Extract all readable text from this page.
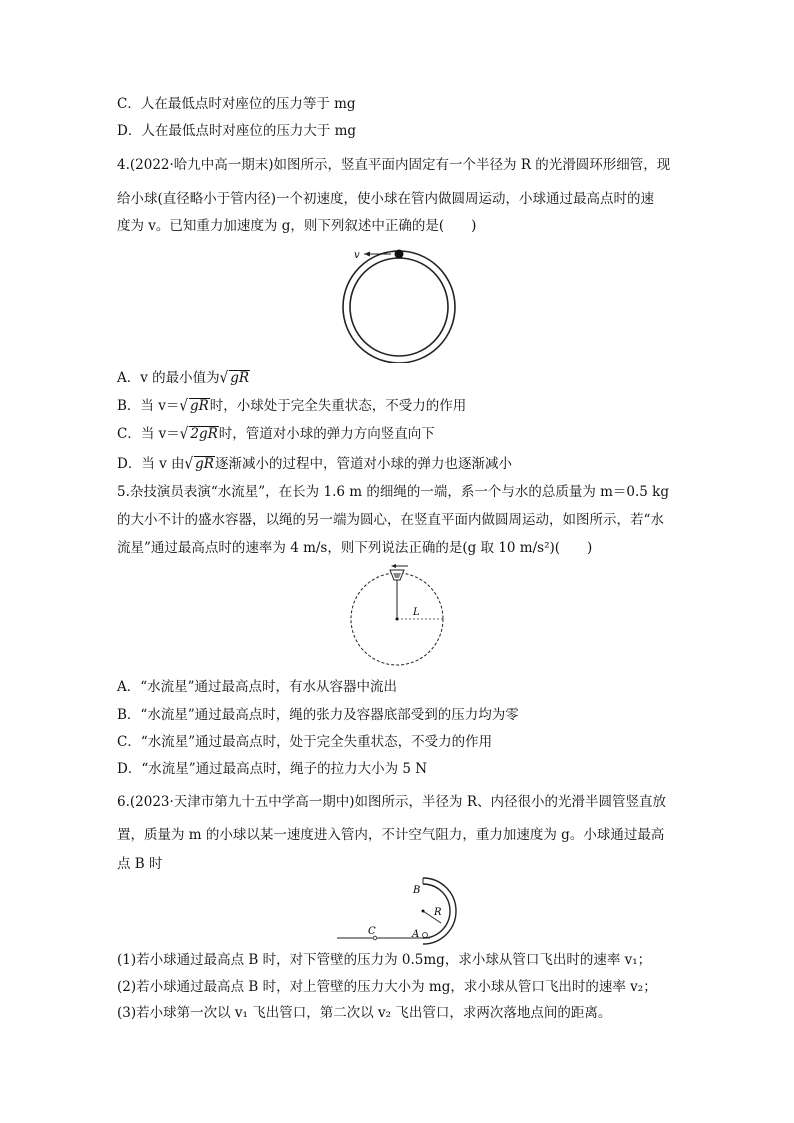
C．人在最低点时对座位的压力等于 mg
D．人在最低点时对座位的压力大于 mg
4.(2022·哈九中高一期末)如图所示，竖直平面内固定有一个半径为 R 的光滑圆环形细管，现
给小球(直径略小于管内径)一个初速度，使小球在管内做圆周运动，小球通过最高点时的速
度为 v。已知重力加速度为 g，则下列叙述中正确的是(　　)
v
A．v 的最小值为√ gR
B．当 v＝√ gR时，小球处于完全失重状态，不受力的作用
C．当 v＝√ 2gR时，管道对小球的弹力方向竖直向下
D．当 v 由√ gR逐渐减小的过程中，管道对小球的弹力也逐渐减小
5.杂技演员表演“水流星”，在长为 1.6 m 的细绳的一端，系一个与水的总质量为 m＝0.5 kg
的大小不计的盛水容器，以绳的另一端为圆心，在竖直平面内做圆周运动，如图所示，若“水
流星”通过最高点时的速率为 4 m/s，则下列说法正确的是(g 取 10 m/s²)(　　)
L
A．“水流星”通过最高点时，有水从容器中流出
B．“水流星”通过最高点时，绳的张力及容器底部受到的压力均为零
C．“水流星”通过最高点时，处于完全失重状态，不受力的作用
D．“水流星”通过最高点时，绳子的拉力大小为 5 N
6.(2023·天津市第九十五中学高一期中)如图所示，半径为 R、内径很小的光滑半圆管竖直放
置，质量为 m 的小球以某一速度进入管内，不计空气阻力，重力加速度为 g。小球通过最高
点 B 时
B
R
C	A
(1)若小球通过最高点 B 时，对下管壁的压力为 0.5mg，求小球从管口飞出时的速率 v₁；
(2)若小球通过最高点 B 时，对上管壁的压力大小为 mg，求小球从管口飞出时的速率 v₂；
(3)若小球第一次以 v₁ 飞出管口，第二次以 v₂ 飞出管口，求两次落地点间的距离。
